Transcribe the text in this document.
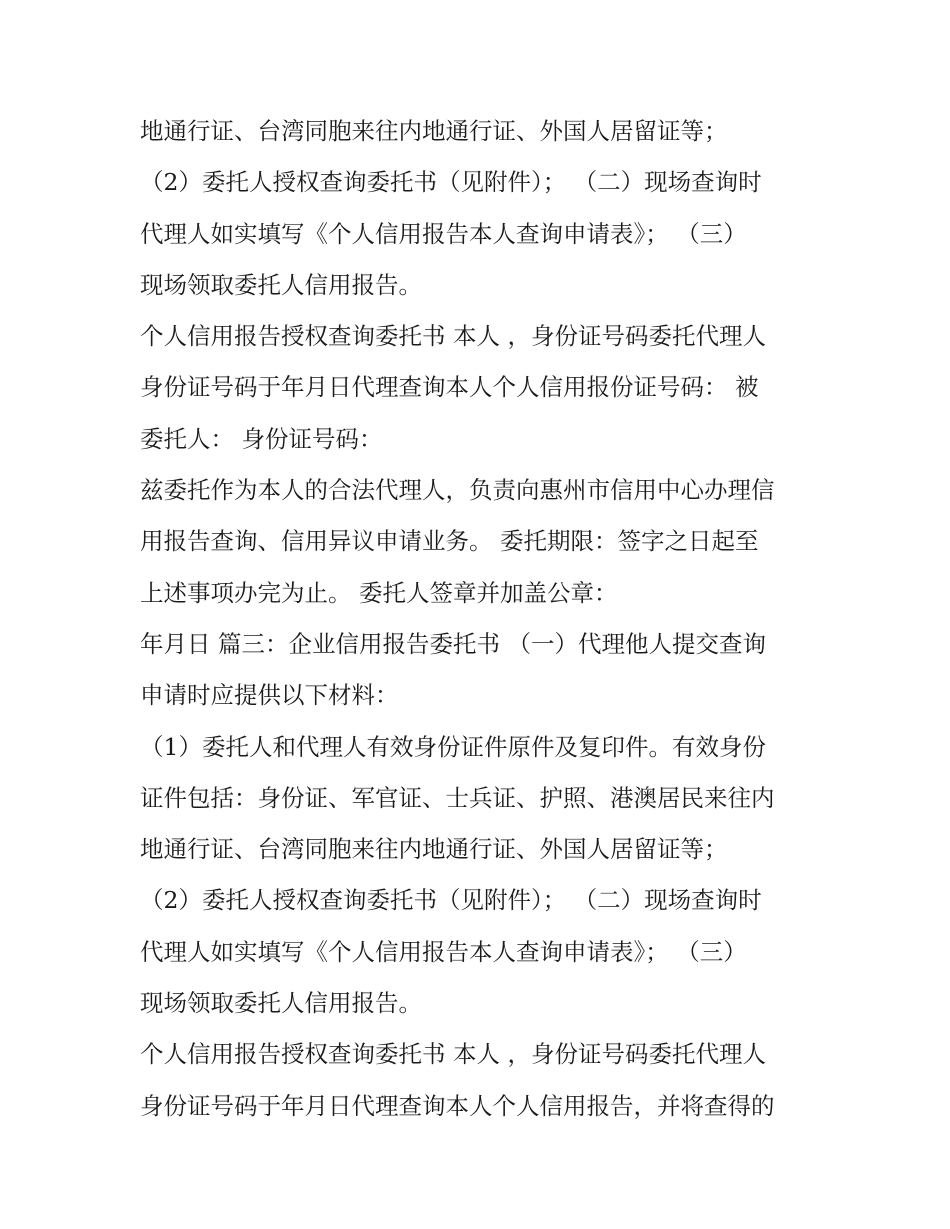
地通行证、台湾同胞来往内地通行证、外国人居留证等；
（2）委托人授权查询委托书（见附件）； （二）现场查询时
代理人如实填写《个人信用报告本人查询申请表》； （三）
现场领取委托人信用报告。
个人信用报告授权查询委托书 本人 ，身份证号码委托代理人
身份证号码于年月日代理查询本人个人信用报份证号码： 被
委托人： 身份证号码：
兹委托作为本人的合法代理人，负责向惠州市信用中心办理信
用报告查询、信用异议申请业务。 委托期限：签字之日起至
上述事项办完为止。 委托人签章并加盖公章：
年月日 篇三：企业信用报告委托书 （一）代理他人提交查询
申请时应提供以下材料：
（1）委托人和代理人有效身份证件原件及复印件。有效身份
证件包括：身份证、军官证、士兵证、护照、港澳居民来往内
地通行证、台湾同胞来往内地通行证、外国人居留证等；
（2）委托人授权查询委托书（见附件）； （二）现场查询时
代理人如实填写《个人信用报告本人查询申请表》； （三）
现场领取委托人信用报告。
个人信用报告授权查询委托书 本人 ，身份证号码委托代理人
身份证号码于年月日代理查询本人个人信用报告，并将查得的
